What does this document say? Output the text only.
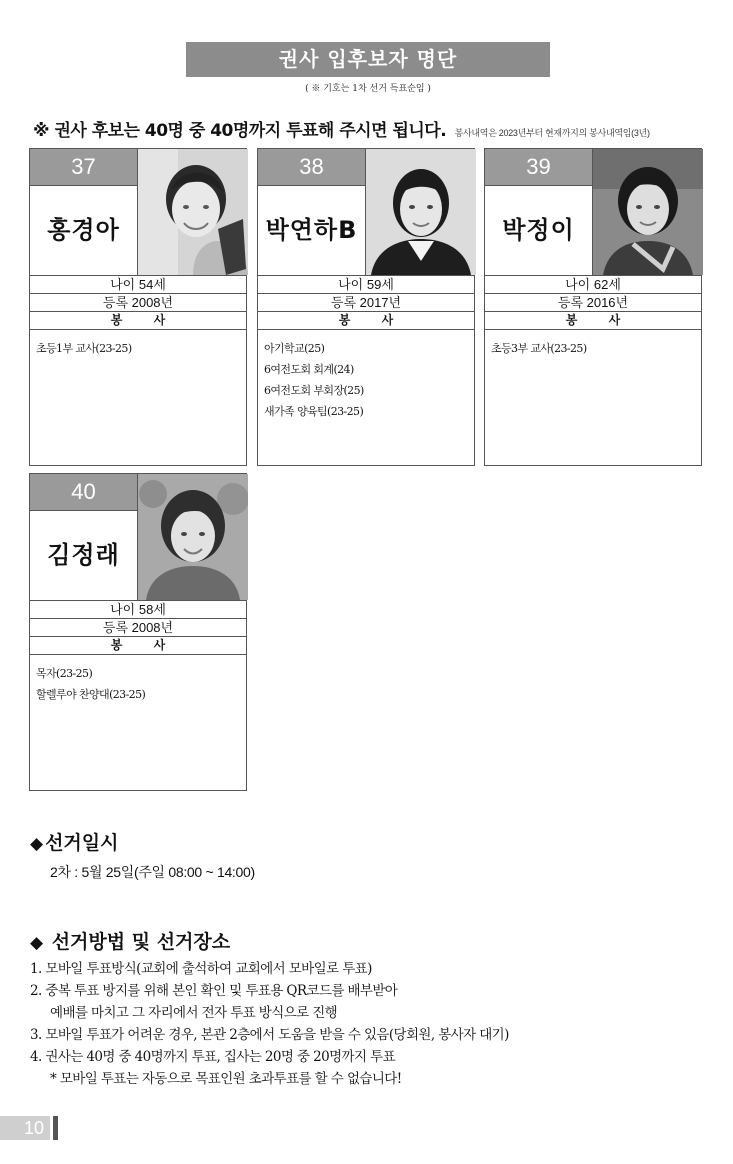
권사 입후보자 명단
( ※ 기호는 1차 선거 득표순임 )
※ 권사 후보는 40명 중 40명까지 투표해 주시면 됩니다. 봉사내역은 2023년부터 현재까지의 봉사내역임(3년)
37
홍경아
나이 54세
등록 2008년
봉 사
초등1부 교사(23-25)
38
박연하B
나이 59세
등록 2017년
봉 사
아기학교(25)
6여전도회 회계(24)
6여전도회 부회장(25)
새가족 양육팀(23-25)
39
박정이
나이 62세
등록 2016년
봉 사
초등3부 교사(23-25)
40
김정래
나이 58세
등록 2008년
봉 사
목자(23-25)
할렐루야 찬양대(23-25)
◆ 선거일시
2차 : 5월 25일(주일 08:00 ~ 14:00)
◆ 선거방법 및 선거장소
1. 모바일 투표방식(교회에 출석하여 교회에서 모바일로 투표)
2. 중복 투표 방지를 위해 본인 확인 및 투표용 QR코드를 배부받아
예배를 마치고 그 자리에서 전자 투표 방식으로 진행
3. 모바일 투표가 어려운 경우, 본관 2층에서 도움을 받을 수 있음(당회원, 봉사자 대기)
4. 권사는 40명 중 40명까지 투표, 집사는 20명 중 20명까지 투표
* 모바일 투표는 자동으로 목표인원 초과투표를 할 수 없습니다!
10
